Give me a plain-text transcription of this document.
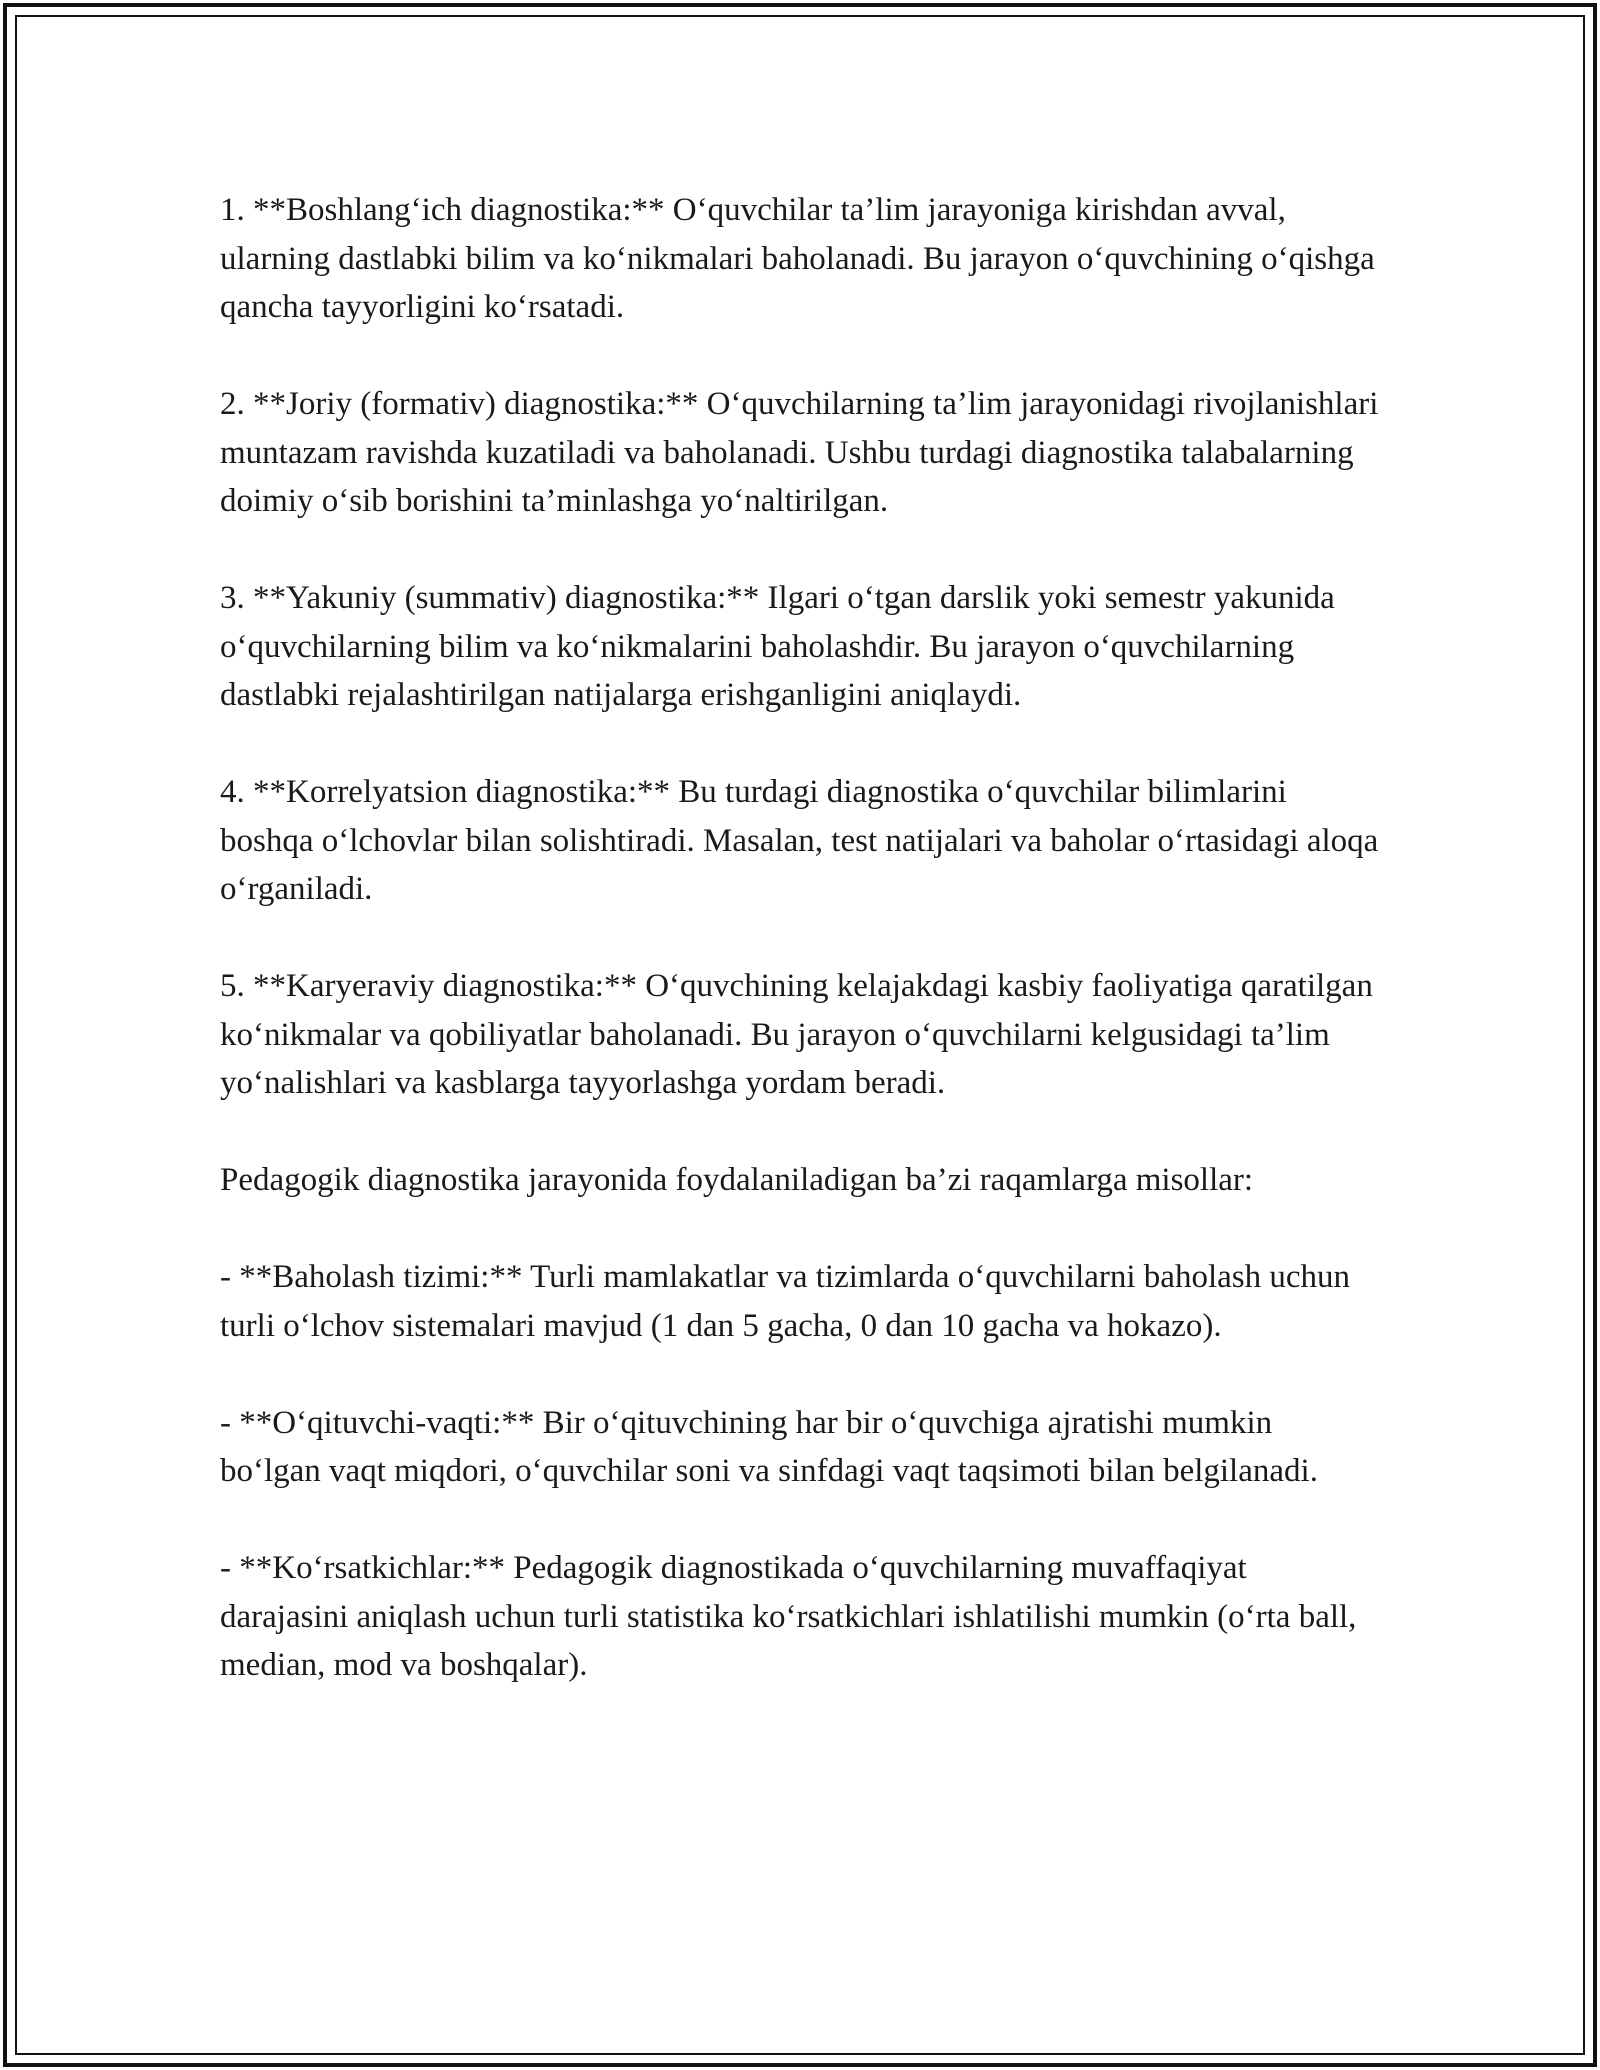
1. **Boshlang‘ich diagnostika:** O‘quvchilar ta’lim jarayoniga kirishdan avval, ularning dastlabki bilim va ko‘nikmalari baholanadi. Bu jarayon o‘quvchining o‘qishga qancha tayyorligini ko‘rsatadi.

2. **Joriy (formativ) diagnostika:** O‘quvchilarning ta’lim jarayonidagi rivojlanishlari muntazam ravishda kuzatiladi va baholanadi. Ushbu turdagi diagnostika talabalarning doimiy o‘sib borishini ta’minlashga yo‘naltirilgan.

3. **Yakuniy (summativ) diagnostika:** Ilgari o‘tgan darslik yoki semestr yakunida o‘quvchilarning bilim va ko‘nikmalarini baholashdir. Bu jarayon o‘quvchilarning dastlabki rejalashtirilgan natijalarga erishganligini aniqlaydi.

4. **Korrelyatsion diagnostika:** Bu turdagi diagnostika o‘quvchilar bilimlarini boshqa o‘lchovlar bilan solishtiradi. Masalan, test natijalari va baholar o‘rtasidagi aloqa o‘rganiladi.

5. **Karyeraviy diagnostika:** O‘quvchining kelajakdagi kasbiy faoliyatiga qaratilgan ko‘nikmalar va qobiliyatlar baholanadi. Bu jarayon o‘quvchilarni kelgusidagi ta’lim yo‘nalishlari va kasblarga tayyorlashga yordam beradi.

Pedagogik diagnostika jarayonida foydalaniladigan ba’zi raqamlarga misollar:

- **Baholash tizimi:** Turli mamlakatlar va tizimlarda o‘quvchilarni baholash uchun turli o‘lchov sistemalari mavjud (1 dan 5 gacha, 0 dan 10 gacha va hokazo).

- **O‘qituvchi-vaqti:** Bir o‘qituvchining har bir o‘quvchiga ajratishi mumkin bo‘lgan vaqt miqdori, o‘quvchilar soni va sinfdagi vaqt taqsimoti bilan belgilanadi.

- **Ko‘rsatkichlar:** Pedagogik diagnostikada o‘quvchilarning muvaffaqiyat darajasini aniqlash uchun turli statistika ko‘rsatkichlari ishlatilishi mumkin (o‘rta ball, median, mod va boshqalar).
